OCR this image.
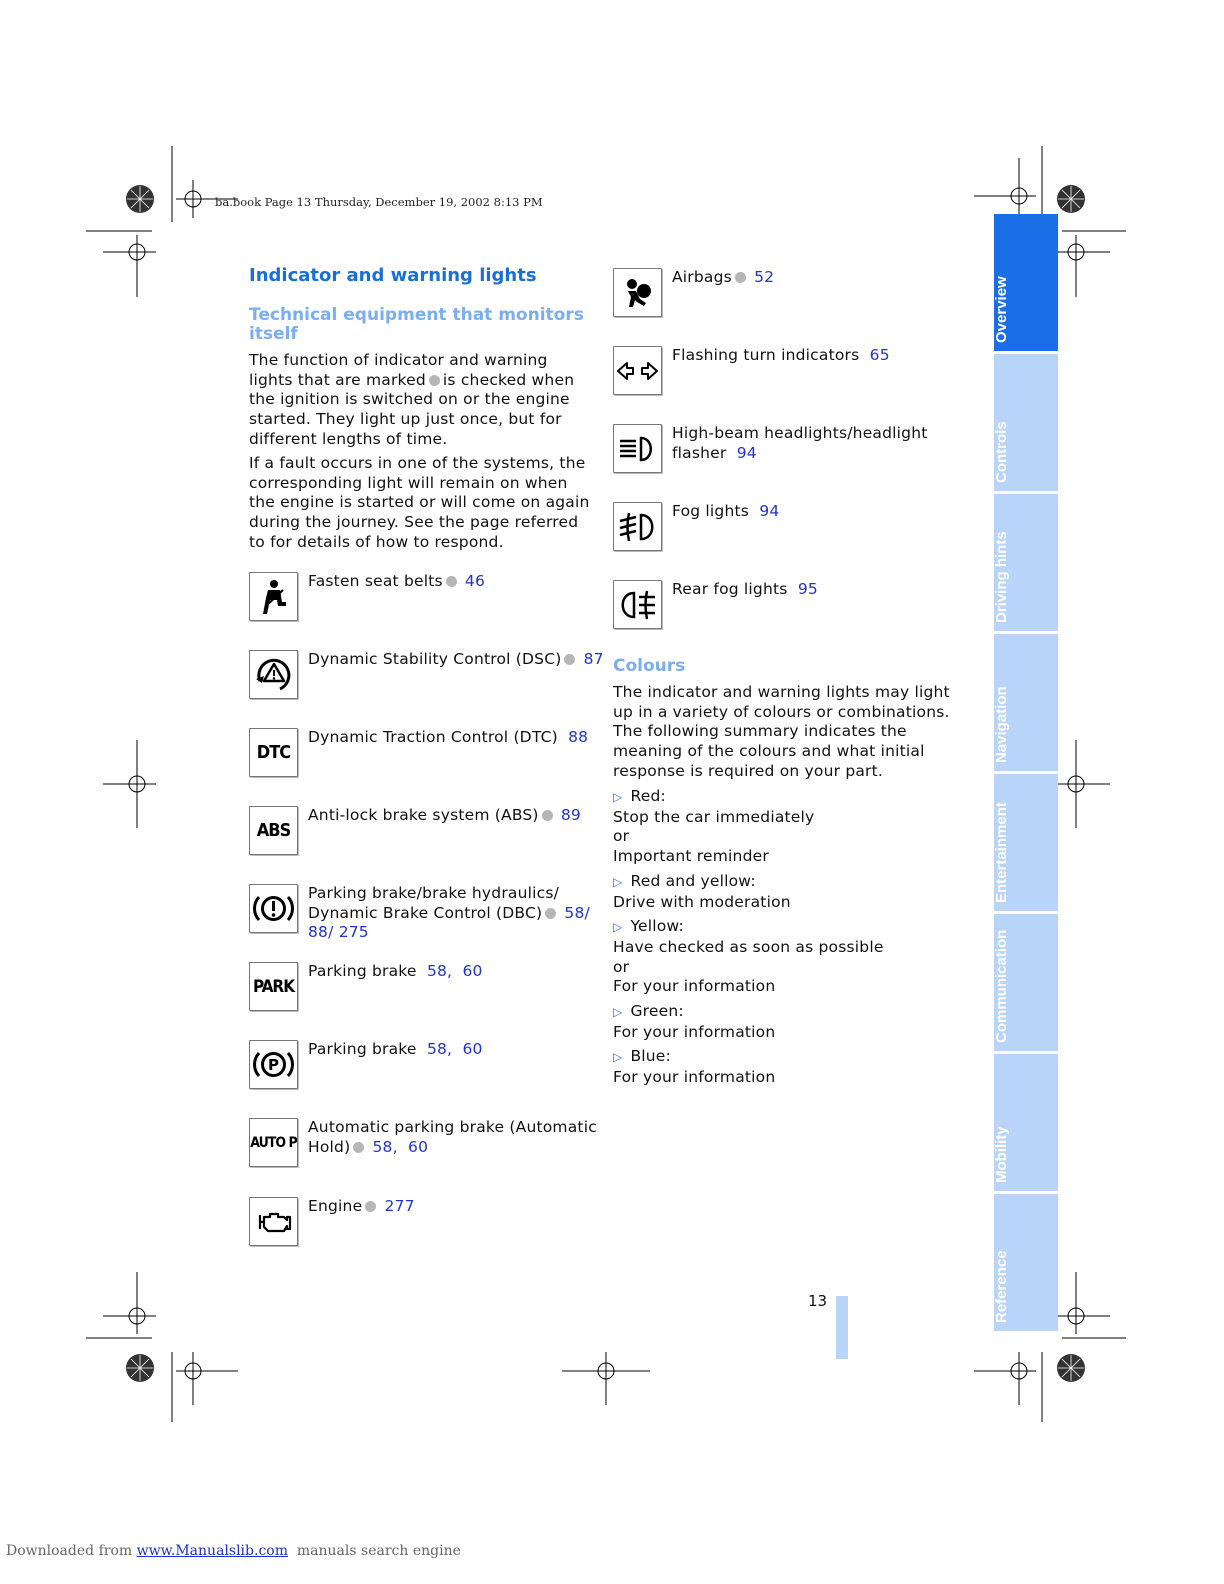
ba.book Page 13 Thursday, December 19, 2002 8:13 PM
Indicator and warning lights
Technical equipment that monitors itself
The function of indicator and warning lights that are marked is checked when the ignition is switched on or the engine started. They light up just once, but for different lengths of time.
If a fault occurs in one of the systems, the corresponding light will remain on when the engine is started or will come on again during the journey. See the page referred to for details of how to respond.
Fasten seat belts 46
Dynamic Stability Control (DSC) 87
DTC
Dynamic Traction Control (DTC) 88
ABS
Anti-lock brake system (ABS) 89
Parking brake/brake hydraulics/ Dynamic Brake Control (DBC) 58/ 88/ 275
PARK
Parking brake 58, 60
P
Parking brake 58, 60
AUTO P
Automatic parking brake (Automatic Hold) 58, 60
Engine 277
Airbags 52
Flashing turn indicators 65
High-beam headlights/headlight flasher 94
Fog lights 94
Rear fog lights 95
Colours
The indicator and warning lights may light up in a variety of colours or combinations. The following summary indicates the meaning of the colours and what initial response is required on your part.
▷ Red:
Stop the car immediately
or
Important reminder
▷ Red and yellow:
Drive with moderation
▷ Yellow:
Have checked as soon as possible
or
For your information
▷ Green:
For your information
▷ Blue:
For your information
Overview
Controls
Driving hints
Navigation
Entertainment
Communication
Mobility
Reference
13
Downloaded from www.Manualslib.com manuals search engine
